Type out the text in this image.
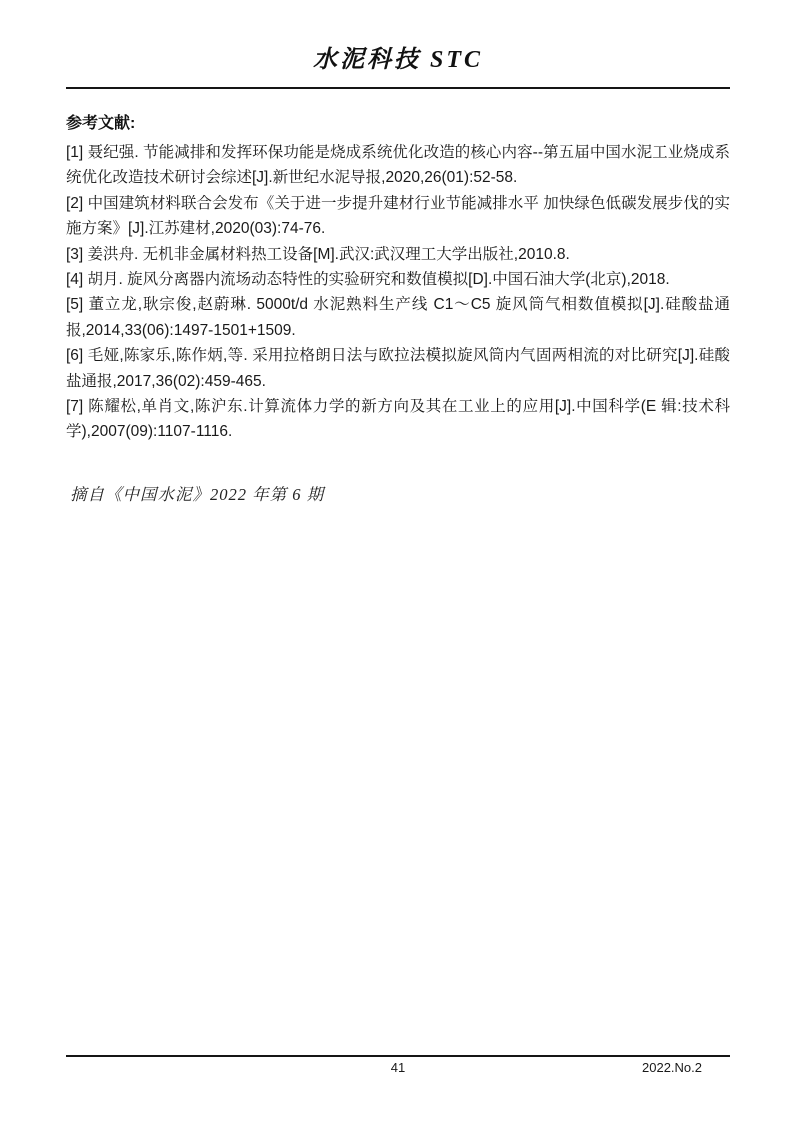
水泥科技 STC
参考文献:

[1] 聂纪强. 节能减排和发挥环保功能是烧成系统优化改造的核心内容--第五届中国水泥工业烧成系统优化改造技术研讨会综述[J].新世纪水泥导报,2020,26(01):52-58.

[2] 中国建筑材料联合会发布《关于进一步提升建材行业节能减排水平 加快绿色低碳发展步伐的实施方案》[J].江苏建材,2020(03):74-76.

[3] 姜洪舟. 无机非金属材料热工设备[M].武汉:武汉理工大学出版社,2010.8.

[4] 胡月. 旋风分离器内流场动态特性的实验研究和数值模拟[D].中国石油大学(北京),2018.

[5] 董立龙,耿宗俊,赵蔚琳. 5000t/d 水泥熟料生产线 C1～C5 旋风筒气相数值模拟[J].硅酸盐通报,2014,33(06):1497-1501+1509.

[6] 毛娅,陈家乐,陈作炳,等. 采用拉格朗日法与欧拉法模拟旋风筒内气固两相流的对比研究[J].硅酸盐通报,2017,36(02):459-465.

[7] 陈耀松,单肖文,陈沪东.计算流体力学的新方向及其在工业上的应用[J].中国科学(E 辑:技术科学),2007(09):1107-1116.

摘自《中国水泥》2022 年第 6 期

41	2022.No.2
